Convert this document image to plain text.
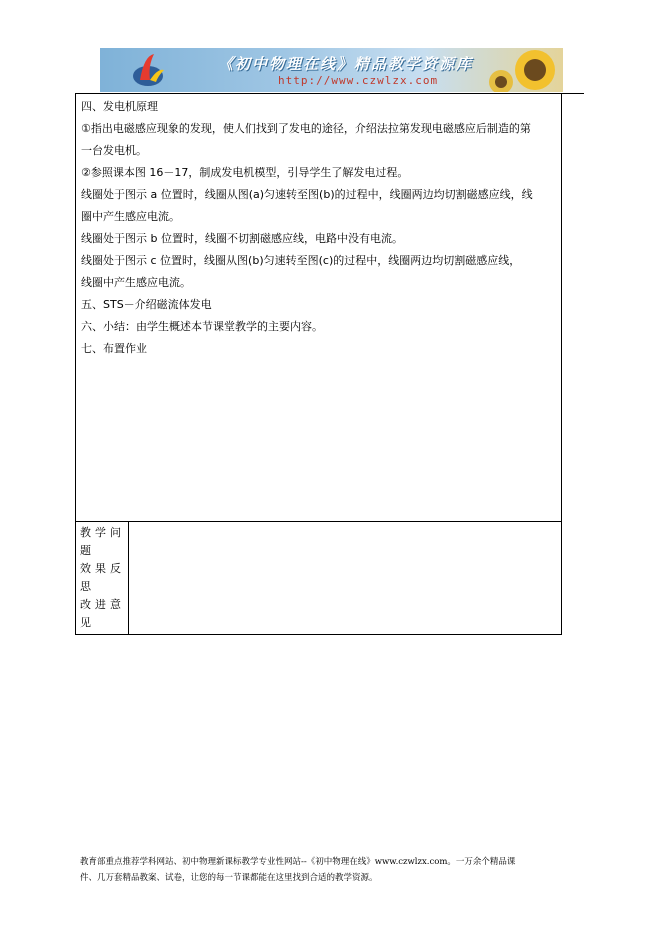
《初中物理在线》精品教学资源库
http://www.czwlzx.com

四、发电机原理

①指出电磁感应现象的发现，使人们找到了发电的途径，介绍法拉第发现电磁感应后制造的第

一台发电机。

②参照课本图 16－17，制成发电机模型，引导学生了解发电过程。

线圈处于图示 a 位置时，线圈从图(a)匀速转至图(b)的过程中，线圈两边均切割磁感应线，线

圈中产生感应电流。

线圈处于图示 b 位置时，线圈不切割磁感应线，电路中没有电流。

线圈处于图示 c 位置时，线圈从图(b)匀速转至图(c)的过程中，线圈两边均切割磁感应线，

线圈中产生感应电流。

五、STS－介绍磁流体发电

六、小结：由学生概述本节课堂教学的主要内容。

七、布置作业

教学问
题
效果反
思
改进意
见
教育部重点推荐学科网站、初中物理新课标教学专业性网站--《初中物理在线》www.czwlzx.com。一万余个精品课
件、几万套精品教案、试卷，让您的每一节课都能在这里找到合适的教学资源。
